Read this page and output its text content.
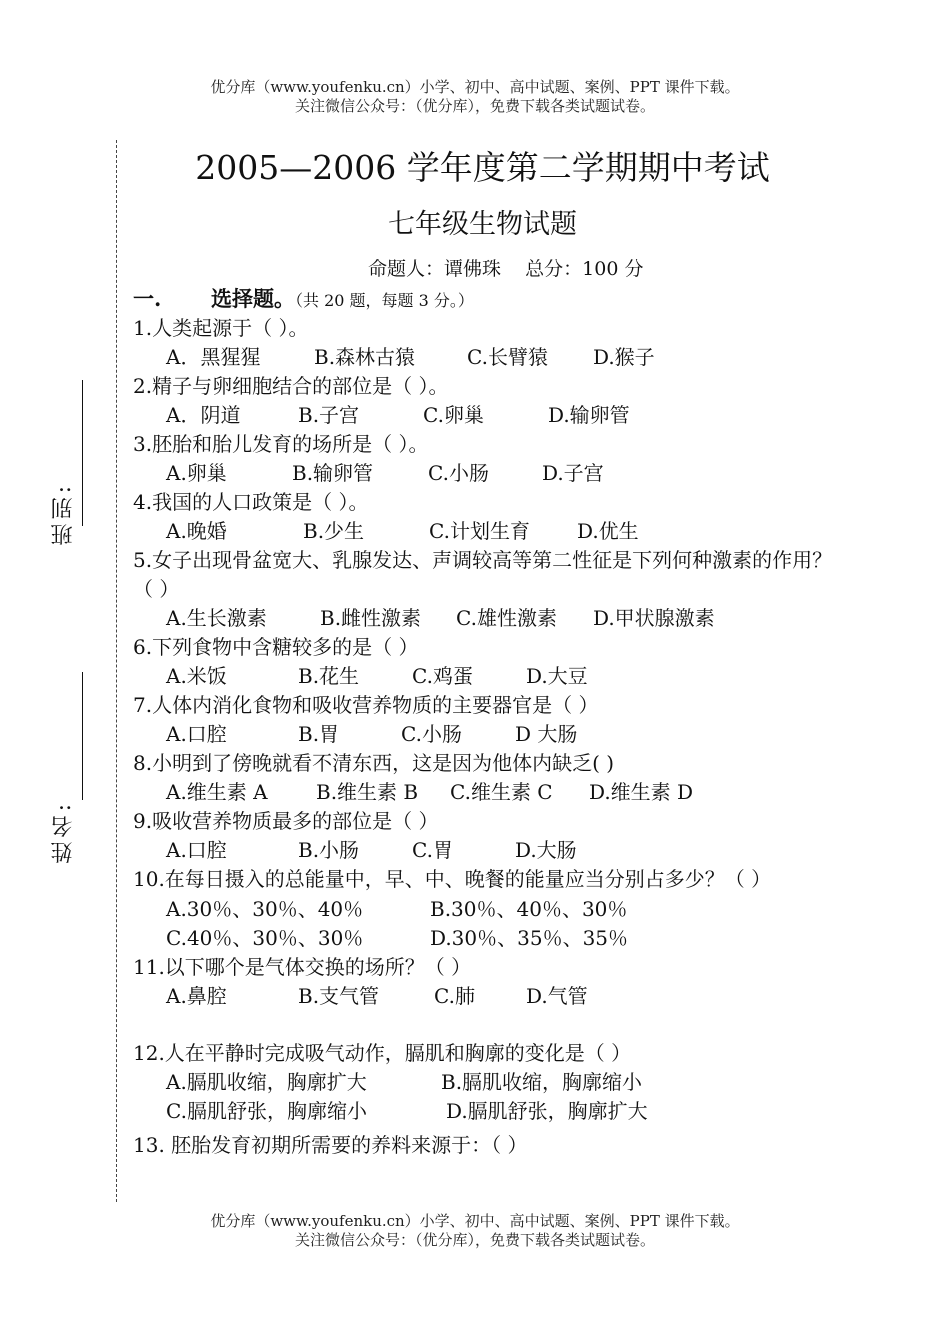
优分库（www.youfenku.cn）小学、初中、高中试题、案例、PPT 课件下载。
关注微信公众号：（优分库），免费下载各类试题试卷。
班别:
姓名:
2005—2006 学年度第二学期期中考试
七年级生物试题
命题人：谭佛珠    总分：100 分
一. 选择题。（共 20 题，每题 3 分。）

1.人类起源于（ ）。

A．黑猩猩	B.森林古猿	C.长臂猿 D.猴子

2.精子与卵细胞结合的部位是（ ）。

A．阴道	B.子宫	C.卵巢	D.输卵管

3.胚胎和胎儿发育的场所是（ ）。

A.卵巢	B.输卵管	C.小肠	D.子宫

4.我国的人口政策是（ ）。

A.晚婚	B.少生	C.计划生育 D.优生

5.女子出现骨盆宽大、乳腺发达、声调较高等第二性征是下列何种激素的作用？（ ）

A.生长激素	B.雌性激素 C.雄性激素 D.甲状腺激素

6.下列食物中含糖较多的是（ ）

A.米饭	B.花生	C.鸡蛋	D.大豆

7.人体内消化食物和吸收营养物质的主要器官是（ ）

A.口腔	B.胃	C.小肠	D 大肠

8.小明到了傍晚就看不清东西，这是因为他体内缺乏( )

A.维生素 A B.维生素 B C.维生素 C D.维生素 D

9.吸收营养物质最多的部位是（ ）

A.口腔	B.小肠	C.胃	D.大肠

10.在每日摄入的总能量中，早、中、晚餐的能量应当分别占多少？（ ）

A.30％、30％、40％	B.30％、40％、30％
C.40％、30％、30％	D.30％、35％、35％

11.以下哪个是气体交换的场所？（ ）

A.鼻腔	B.支气管	C.肺	D.气管

12.人在平静时完成吸气动作，膈肌和胸廓的变化是（ ）

A.膈肌收缩，胸廓扩大	B.膈肌收缩，胸廓缩小
C.膈肌舒张，胸廓缩小	D.膈肌舒张，胸廓扩大

13. 胚胎发育初期所需要的养料来源于：（ ）

优分库（www.youfenku.cn）小学、初中、高中试题、案例、PPT 课件下载。
关注微信公众号：（优分库），免费下载各类试题试卷。
